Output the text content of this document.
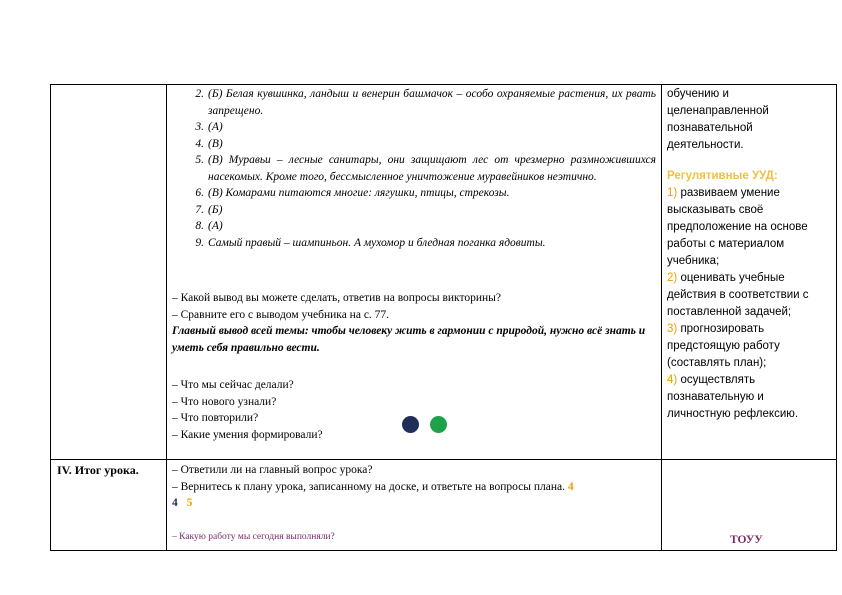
2. (Б) Белая кувшинка, ландыш и венерин башмачок – особо охраняемые растения, их рвать запрещено.
3. (А)
4. (В)
5. (В) Муравьи – лесные санитары, они защищают лес от чрезмерно размножившихся насекомых. Кроме того, бессмысленное уничтожение муравейников неэтично.
6. (В) Комарами питаются многие: лягушки, птицы, стрекозы.
7. (Б)
8. (А)
9. Самый правый – шампиньон. А мухомор и бледная поганка ядовиты.
– Какой вывод вы можете сделать, ответив на вопросы викторины?
– Сравните его с выводом учебника на с. 77.
Главный вывод всей темы: чтобы человеку жить в гармонии с природой, нужно всё знать и уметь себя правильно вести.
– Что мы сейчас делали?
– Что нового узнали?
– Что повторили?
– Какие умения формировали?
обучению и
целенаправленной
познавательной
деятельности.
Регулятивные УУД:
1) развиваем умение
высказывать своё
предположение на основе
работы с материалом
учебника;
2) оценивать учебные
действия в соответствии с
поставленной задачей;
3) прогнозировать
предстоящую работу
(составлять план);
4) осуществлять
познавательную и
личностную рефлексию.
IV. Итог урока.	– Ответили ли на главный вопрос урока?
– Вернитесь к плану урока, записанному на доске, и ответьте на вопросы плана. 4
4 5
– Какую работу мы сегодня выполняли?	ТОУУ
